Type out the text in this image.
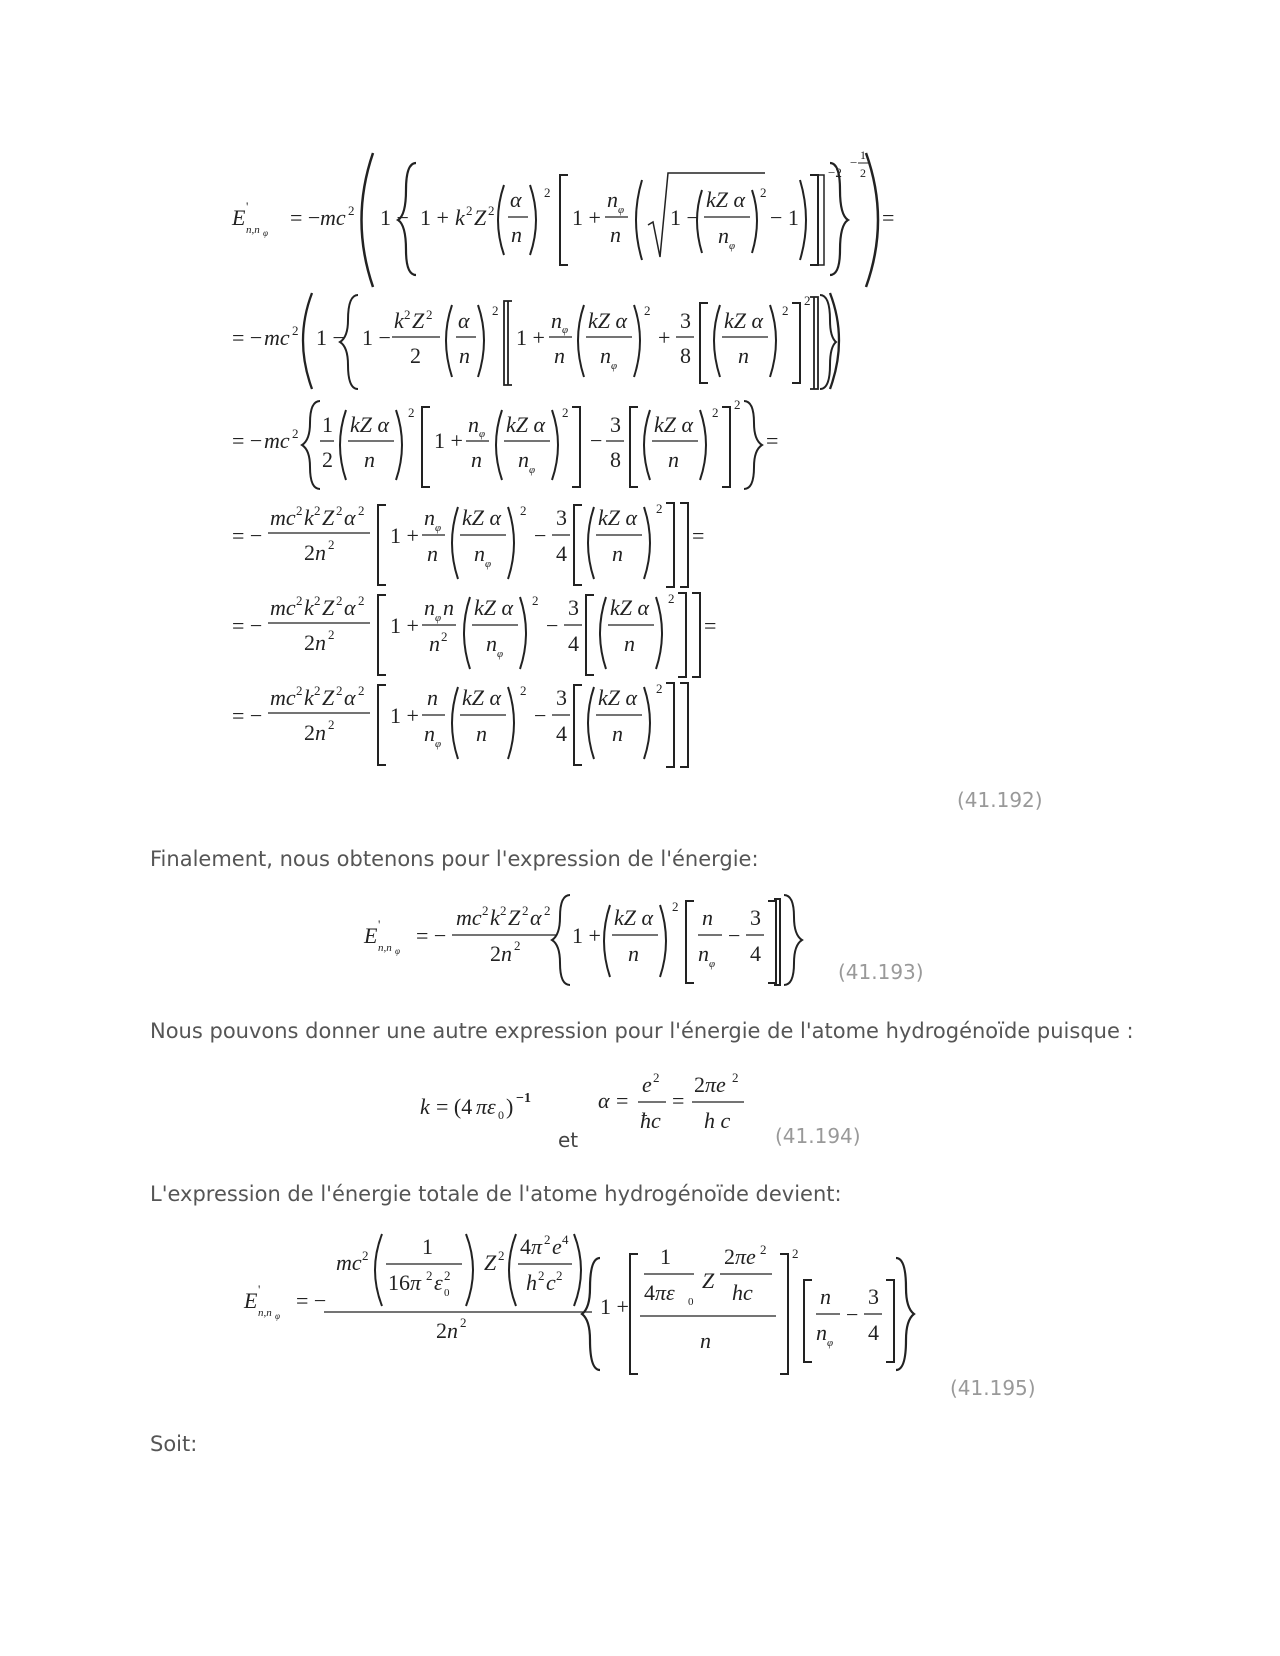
E '
n,n φ
= − mc 2 1 − 1 + k 2 Z 2 α
n
2
1 +
n φ
n
1 −
kZ α
n φ
2
− 1
−2
− 1
2
=
= − mc 2 1 − 1 −
k 2 Z 2
2
α
n
2
1 +
n φ
n
kZ α
n φ
2
+
3
8
kZ α
n
2
2
= − mc 2 1
2
kZ α
n
2
1 +
n φ
n
kZ α
n φ
2
−
3
8
kZ α
n
2
2
=
= −
mc 2 k 2 Z 2 α 2
2n 2	1 +
n φ
n
kZ α
n φ
2
−
3
4
kZ α
n
2
=
= −
mc 2 k 2 Z 2 α 2
2n 2	1 +
n φ n
n 2
kZ α
n φ
2
−
3
4
kZ α
n
2
=
= −
mc 2 k 2 Z 2 α 2
2n 2	1 +
n
n φ
kZ α
n
2
−
3
4
kZ α
n
2
(41.192)
Finalement, nous obtenons pour l'expression de l'énergie:
E '
n,n φ
= −
mc 2 k 2 Z 2 α 2
2n 2 1 +
kZ α
n
2 n
n φ
−
3
4
(41.193)
Nous pouvons donner une autre expression pour l'énergie de l'atome hydrogénoïde puisque :
k = (4 πε 0 ) −1
et
α =
e 2
ħc
=
2πe 2
h c
(41.194)
L'expression de l'énergie totale de l'atome hydrogénoïde devient:
E '
n,n φ
= −
mc 2 1
16π 2 ε 2
0
Z 2 4π 2 e 4
h 2 c 2
2n 2
1 +
1
4πε 0
Z
2πe 2
hc
n
2
n
n φ
−
3
4
(41.195)
Soit:
